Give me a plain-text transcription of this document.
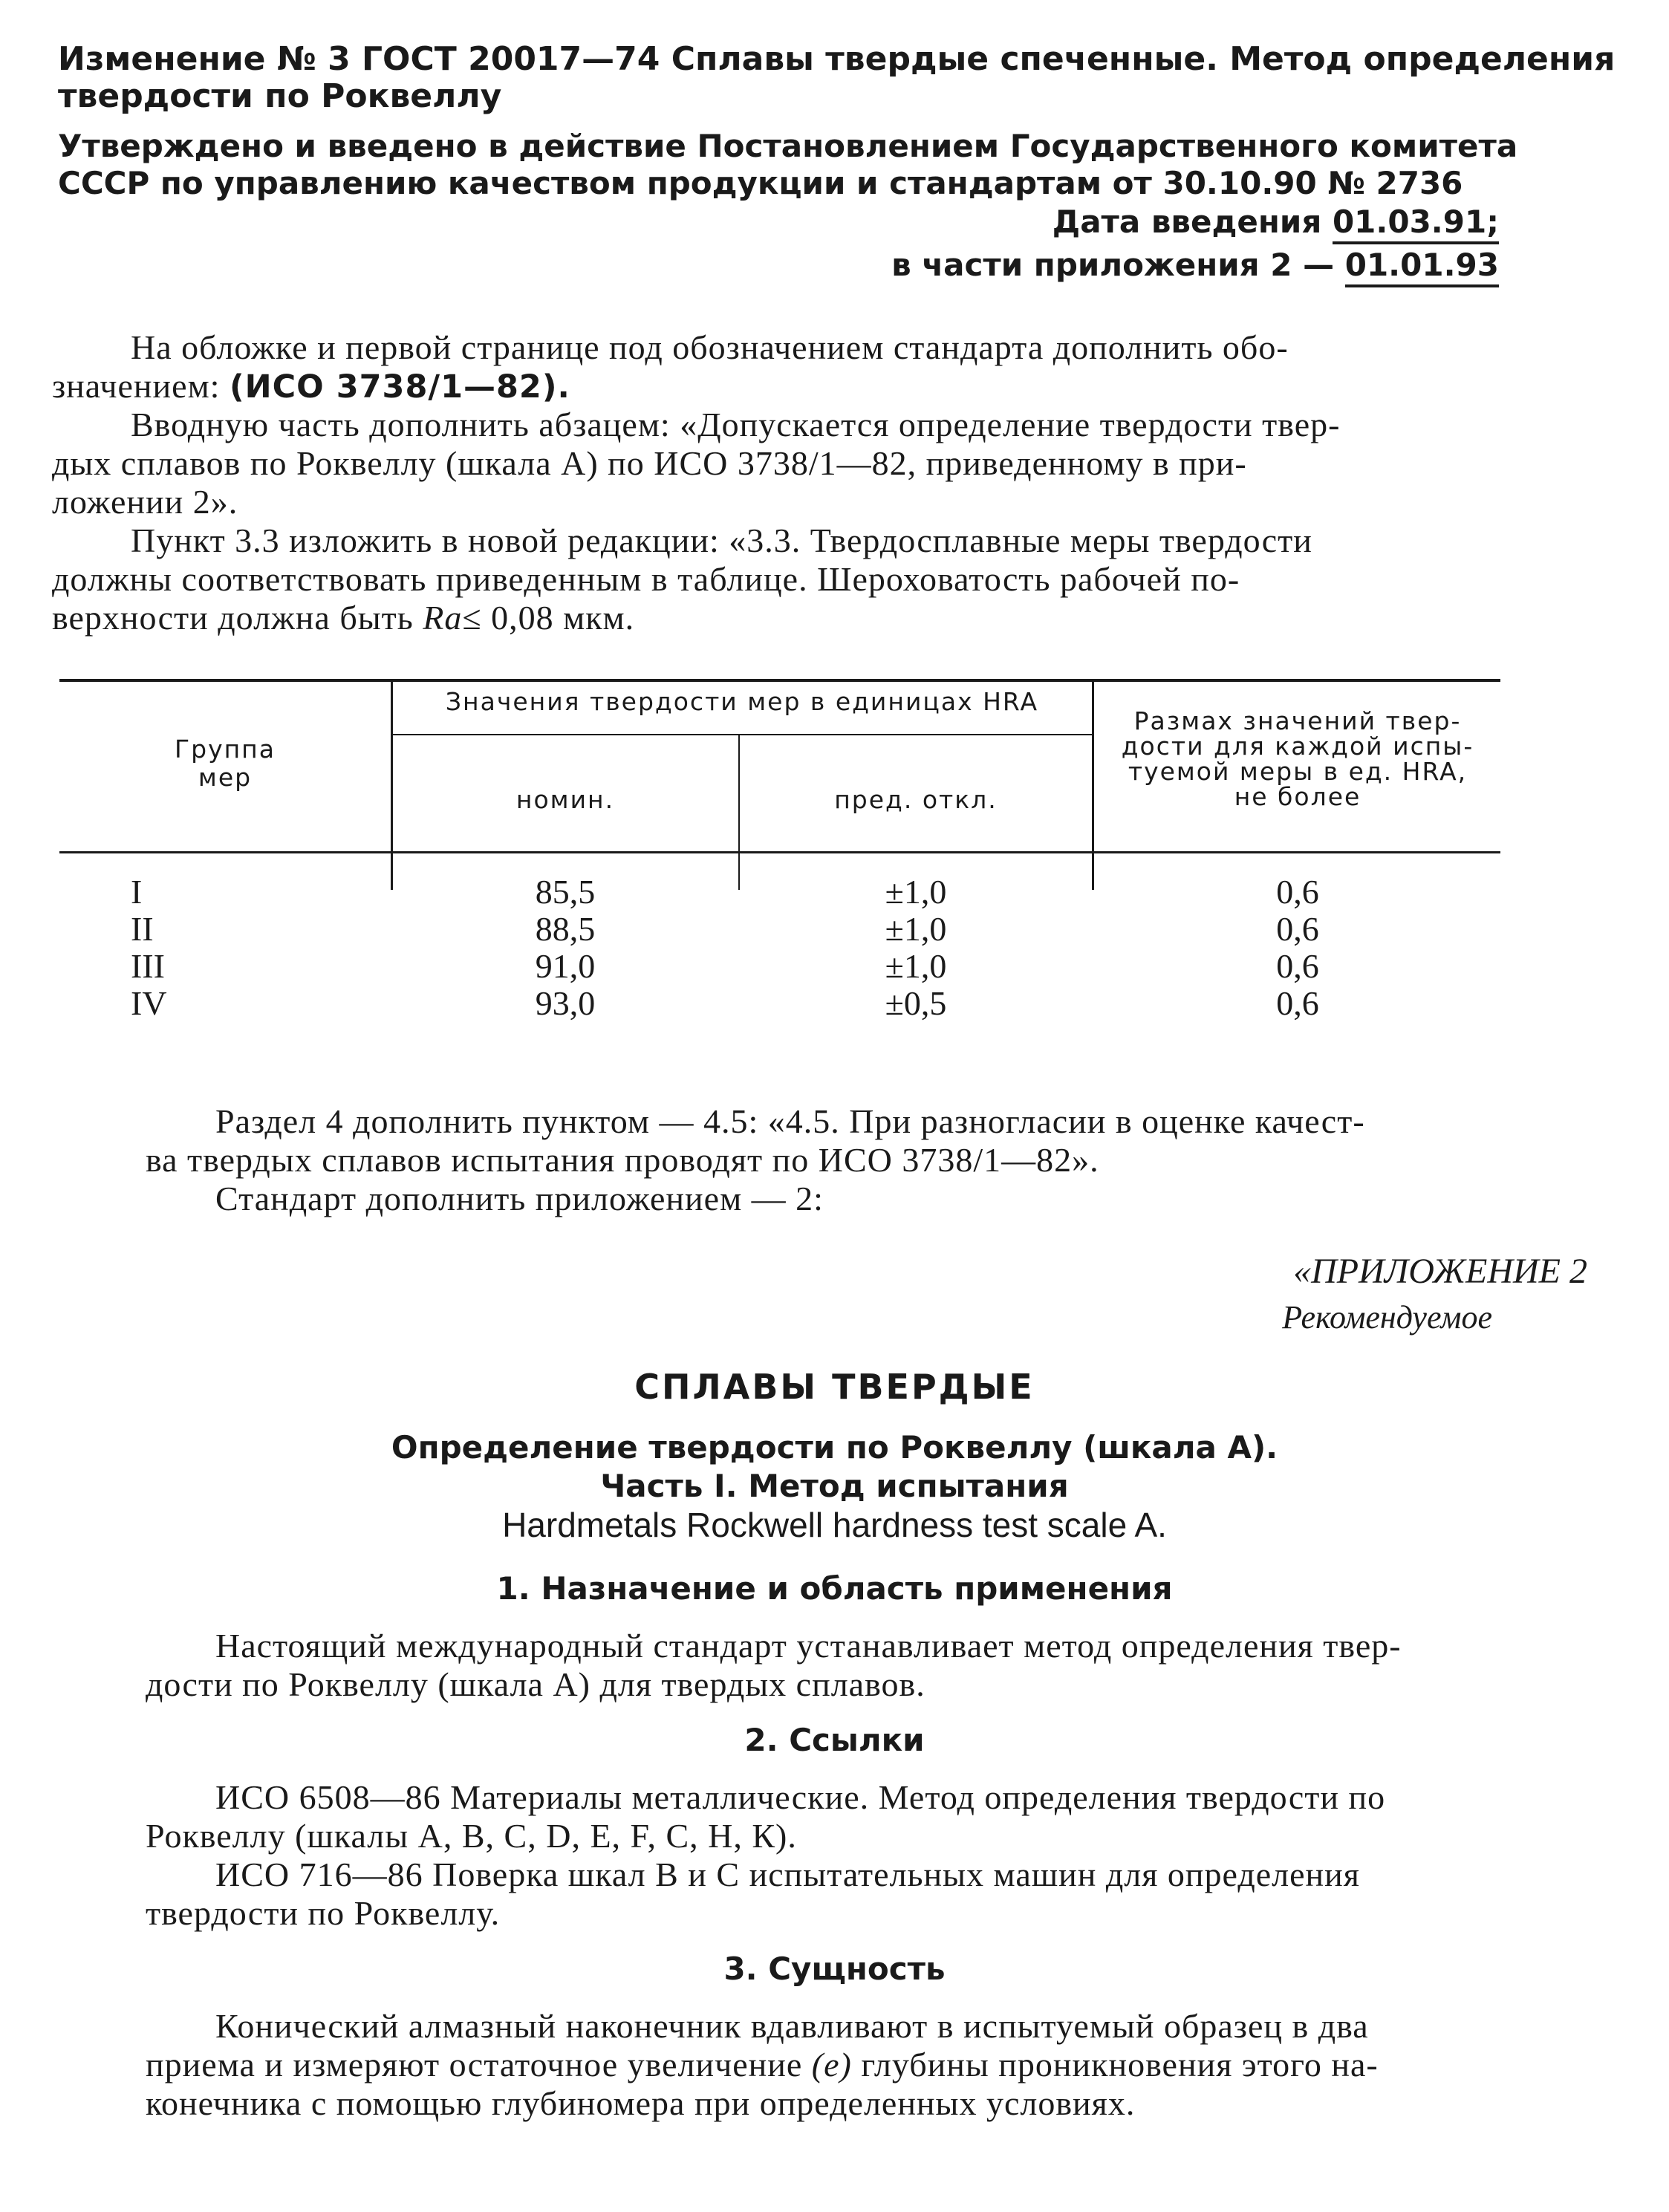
Изменение № 3 ГОСТ 20017—74 Сплавы твердые спеченные. Метод определения
твердости по Роквеллу
Утверждено и введено в действие Постановлением Государственного комитета
СССР по управлению качеством продукции и стандартам от 30.10.90 № 2736
Дата введения 01.03.91;
в части приложения 2 — 01.01.93
На обложке и первой странице под обозначением стандарта дополнить обо-
значением: (ИСО 3738/1—82).
Вводную часть дополнить абзацем: «Допускается определение твердости твер-
дых сплавов по Роквеллу (шкала А) по ИСО 3738/1—82, приведенному в при-
ложении 2».
Пункт 3.3 изложить в новой редакции: «3.3. Твердосплавные меры твердости
должны соответствовать приведенным в таблице. Шероховатость рабочей по-
верхности должна быть Ra≤ 0,08 мкм.
Группа
мер
Значения твердости мер в единицах HRA
номин.	пред. откл.
Размах значений твер-
дости для каждой испы-
туемой меры в ед. HRA,
не более
I	85,5	±1,0	0,6
II	88,5	±1,0	0,6
III	91,0	±1,0	0,6
IV	93,0	±0,5	0,6
Раздел 4 дополнить пунктом — 4.5: «4.5. При разногласии в оценке качест-
ва твердых сплавов испытания проводят по ИСО 3738/1—82».
Стандарт дополнить приложением — 2:
«ПРИЛОЖЕНИЕ 2
Рекомендуемое
СПЛАВЫ ТВЕРДЫЕ
Определение твердости по Роквеллу (шкала А).
Часть I. Метод испытания
Hardmetals Rockwell hardness test scale A.
1. Назначение и область применения
Настоящий международный стандарт устанавливает метод определения твер-
дости по Роквеллу (шкала А) для твердых сплавов.
2. Ссылки
ИСО 6508—86 Материалы металлические. Метод определения твердости по
Роквеллу (шкалы А, В, С, D, Е, F, С, Н, К).
ИСО 716—86 Поверка шкал В и С испытательных машин для определения
твердости по Роквеллу.
3. Сущность
Конический алмазный наконечник вдавливают в испытуемый образец в два
приема и измеряют остаточное увеличение (е) глубины проникновения этого на-
конечника с помощью глубиномера при определенных условиях.
